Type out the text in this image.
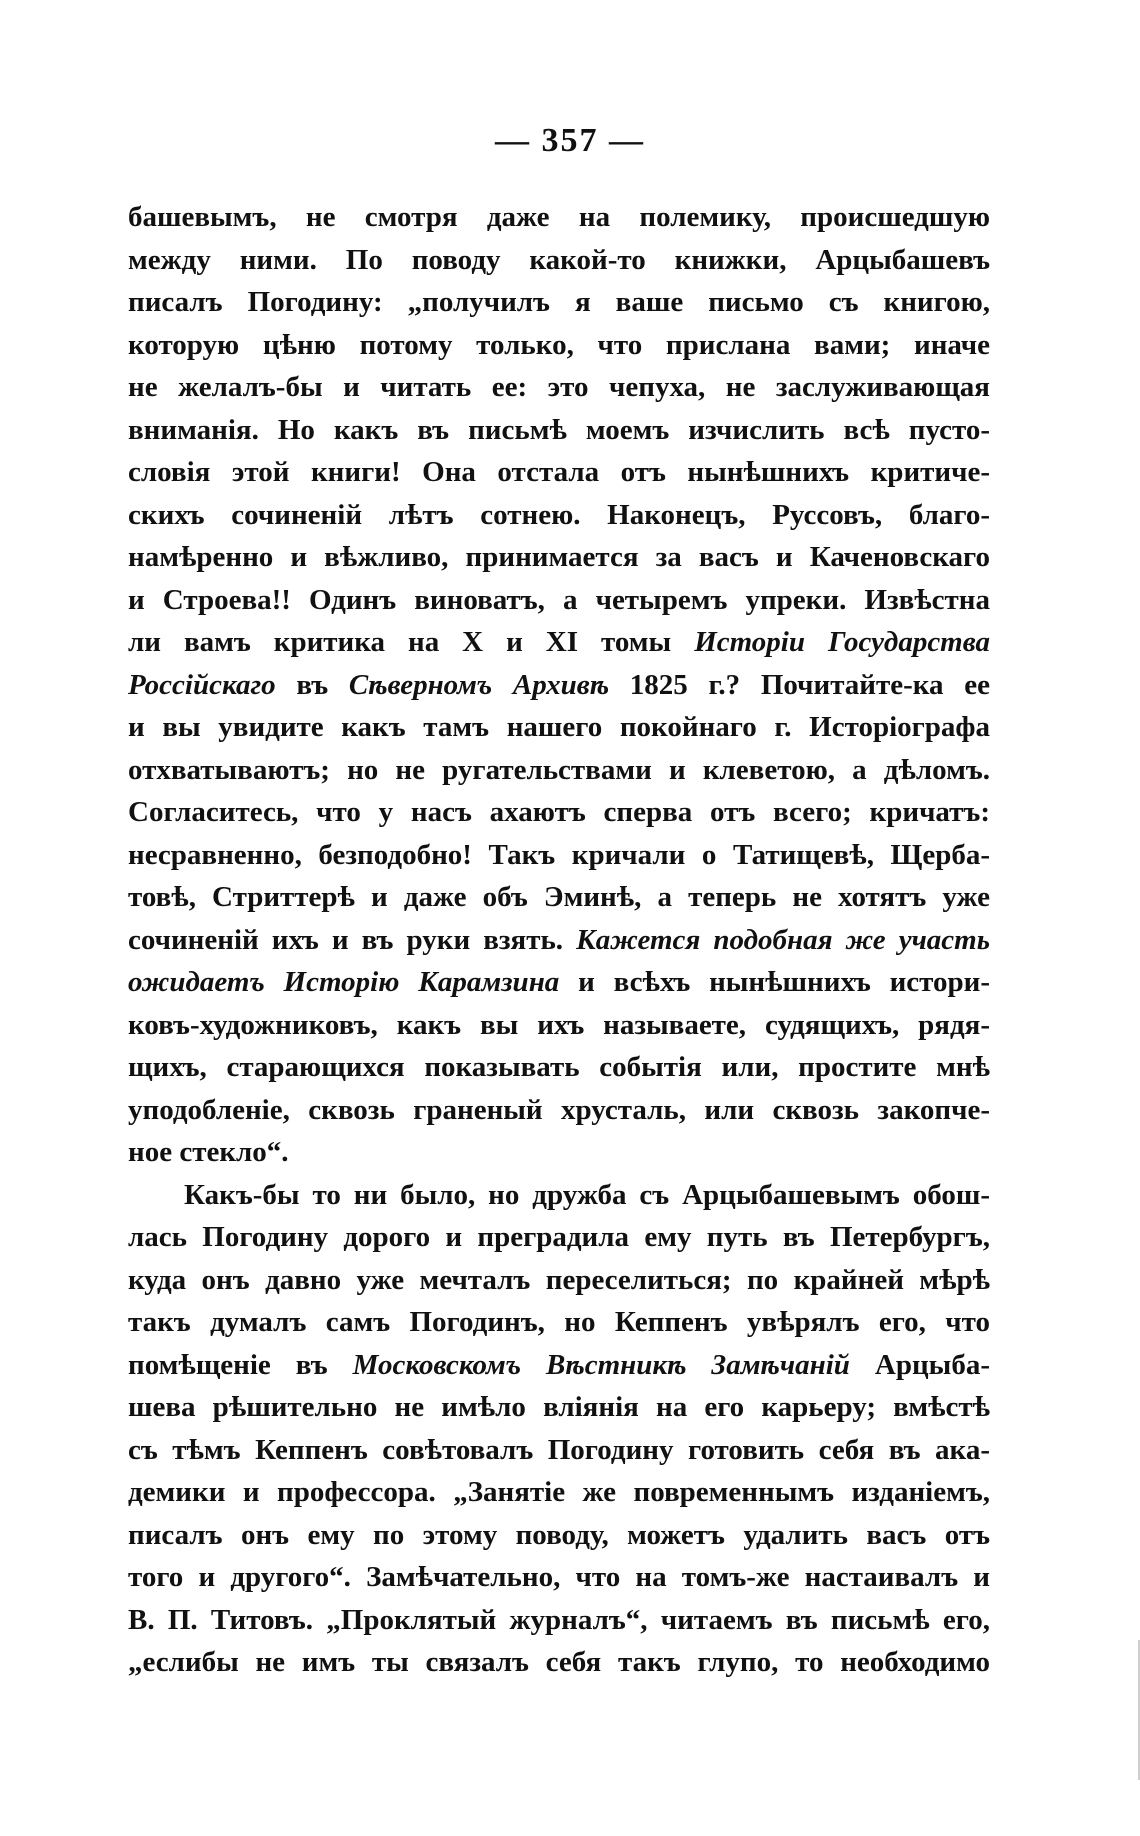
— 357 —
башевымъ, не смотря даже на полемику, происшедшую
между ними. По поводу какой-то книжки, Арцыбашевъ
писалъ Погодину: „получилъ я ваше письмо съ книгою,
которую цѣню потому только, что прислана вами; иначе
не желалъ-бы и читать ее: это чепуха, не заслуживающая
вниманія. Но какъ въ письмѣ моемъ изчислить всѣ пусто-
словія этой книги! Она отстала отъ нынѣшнихъ критиче-
скихъ сочиненій лѣтъ сотнею. Наконецъ, Руссовъ, благо-
намѣренно и вѣжливо, принимается за васъ и Каченовскаго
и Строева!! Одинъ виноватъ, а четыремъ упреки. Извѣстна
ли вамъ критика на X и XI томы Исторіи Государства
Россійскаго въ Сѣверномъ Архивѣ 1825 г.? Почитайте-ка ее
и вы увидите какъ тамъ нашего покойнаго г. Исторіографа
отхватываютъ; но не ругательствами и клеветою, а дѣломъ.
Согласитесь, что у насъ ахаютъ сперва отъ всего; кричатъ:
несравненно, безподобно! Такъ кричали о Татищевѣ, Щерба-
товѣ, Стриттерѣ и даже объ Эминѣ, а теперь не хотятъ уже
сочиненій ихъ и въ руки взять. Кажется подобная же участь
ожидаетъ Исторію Карамзина и всѣхъ нынѣшнихъ истори-
ковъ-художниковъ, какъ вы ихъ называете, судящихъ, рядя-
щихъ, старающихся показывать событія или, простите мнѣ
уподобленіе, сквозь граненый хрусталь, или сквозь закопче-
ное стекло“.
Какъ-бы то ни было, но дружба съ Арцыбашевымъ обош-
лась Погодину дорого и преградила ему путь въ Петербургъ,
куда онъ давно уже мечталъ переселиться; по крайней мѣрѣ
такъ думалъ самъ Погодинъ, но Кеппенъ увѣрялъ его, что
помѣщеніе въ Московскомъ Вѣстникѣ Замѣчаній Арцыба-
шева рѣшительно не имѣло вліянія на его карьеру; вмѣстѣ
съ тѣмъ Кеппенъ совѣтовалъ Погодину готовить себя въ ака-
демики и профессора. „Занятіе же повременнымъ изданіемъ,
писалъ онъ ему по этому поводу, можетъ удалить васъ отъ
того и другого“. Замѣчательно, что на томъ-же настаивалъ и
В. П. Титовъ. „Проклятый журналъ“, читаемъ въ письмѣ его,
„еслибы не имъ ты связалъ себя такъ глупо, то необходимо
